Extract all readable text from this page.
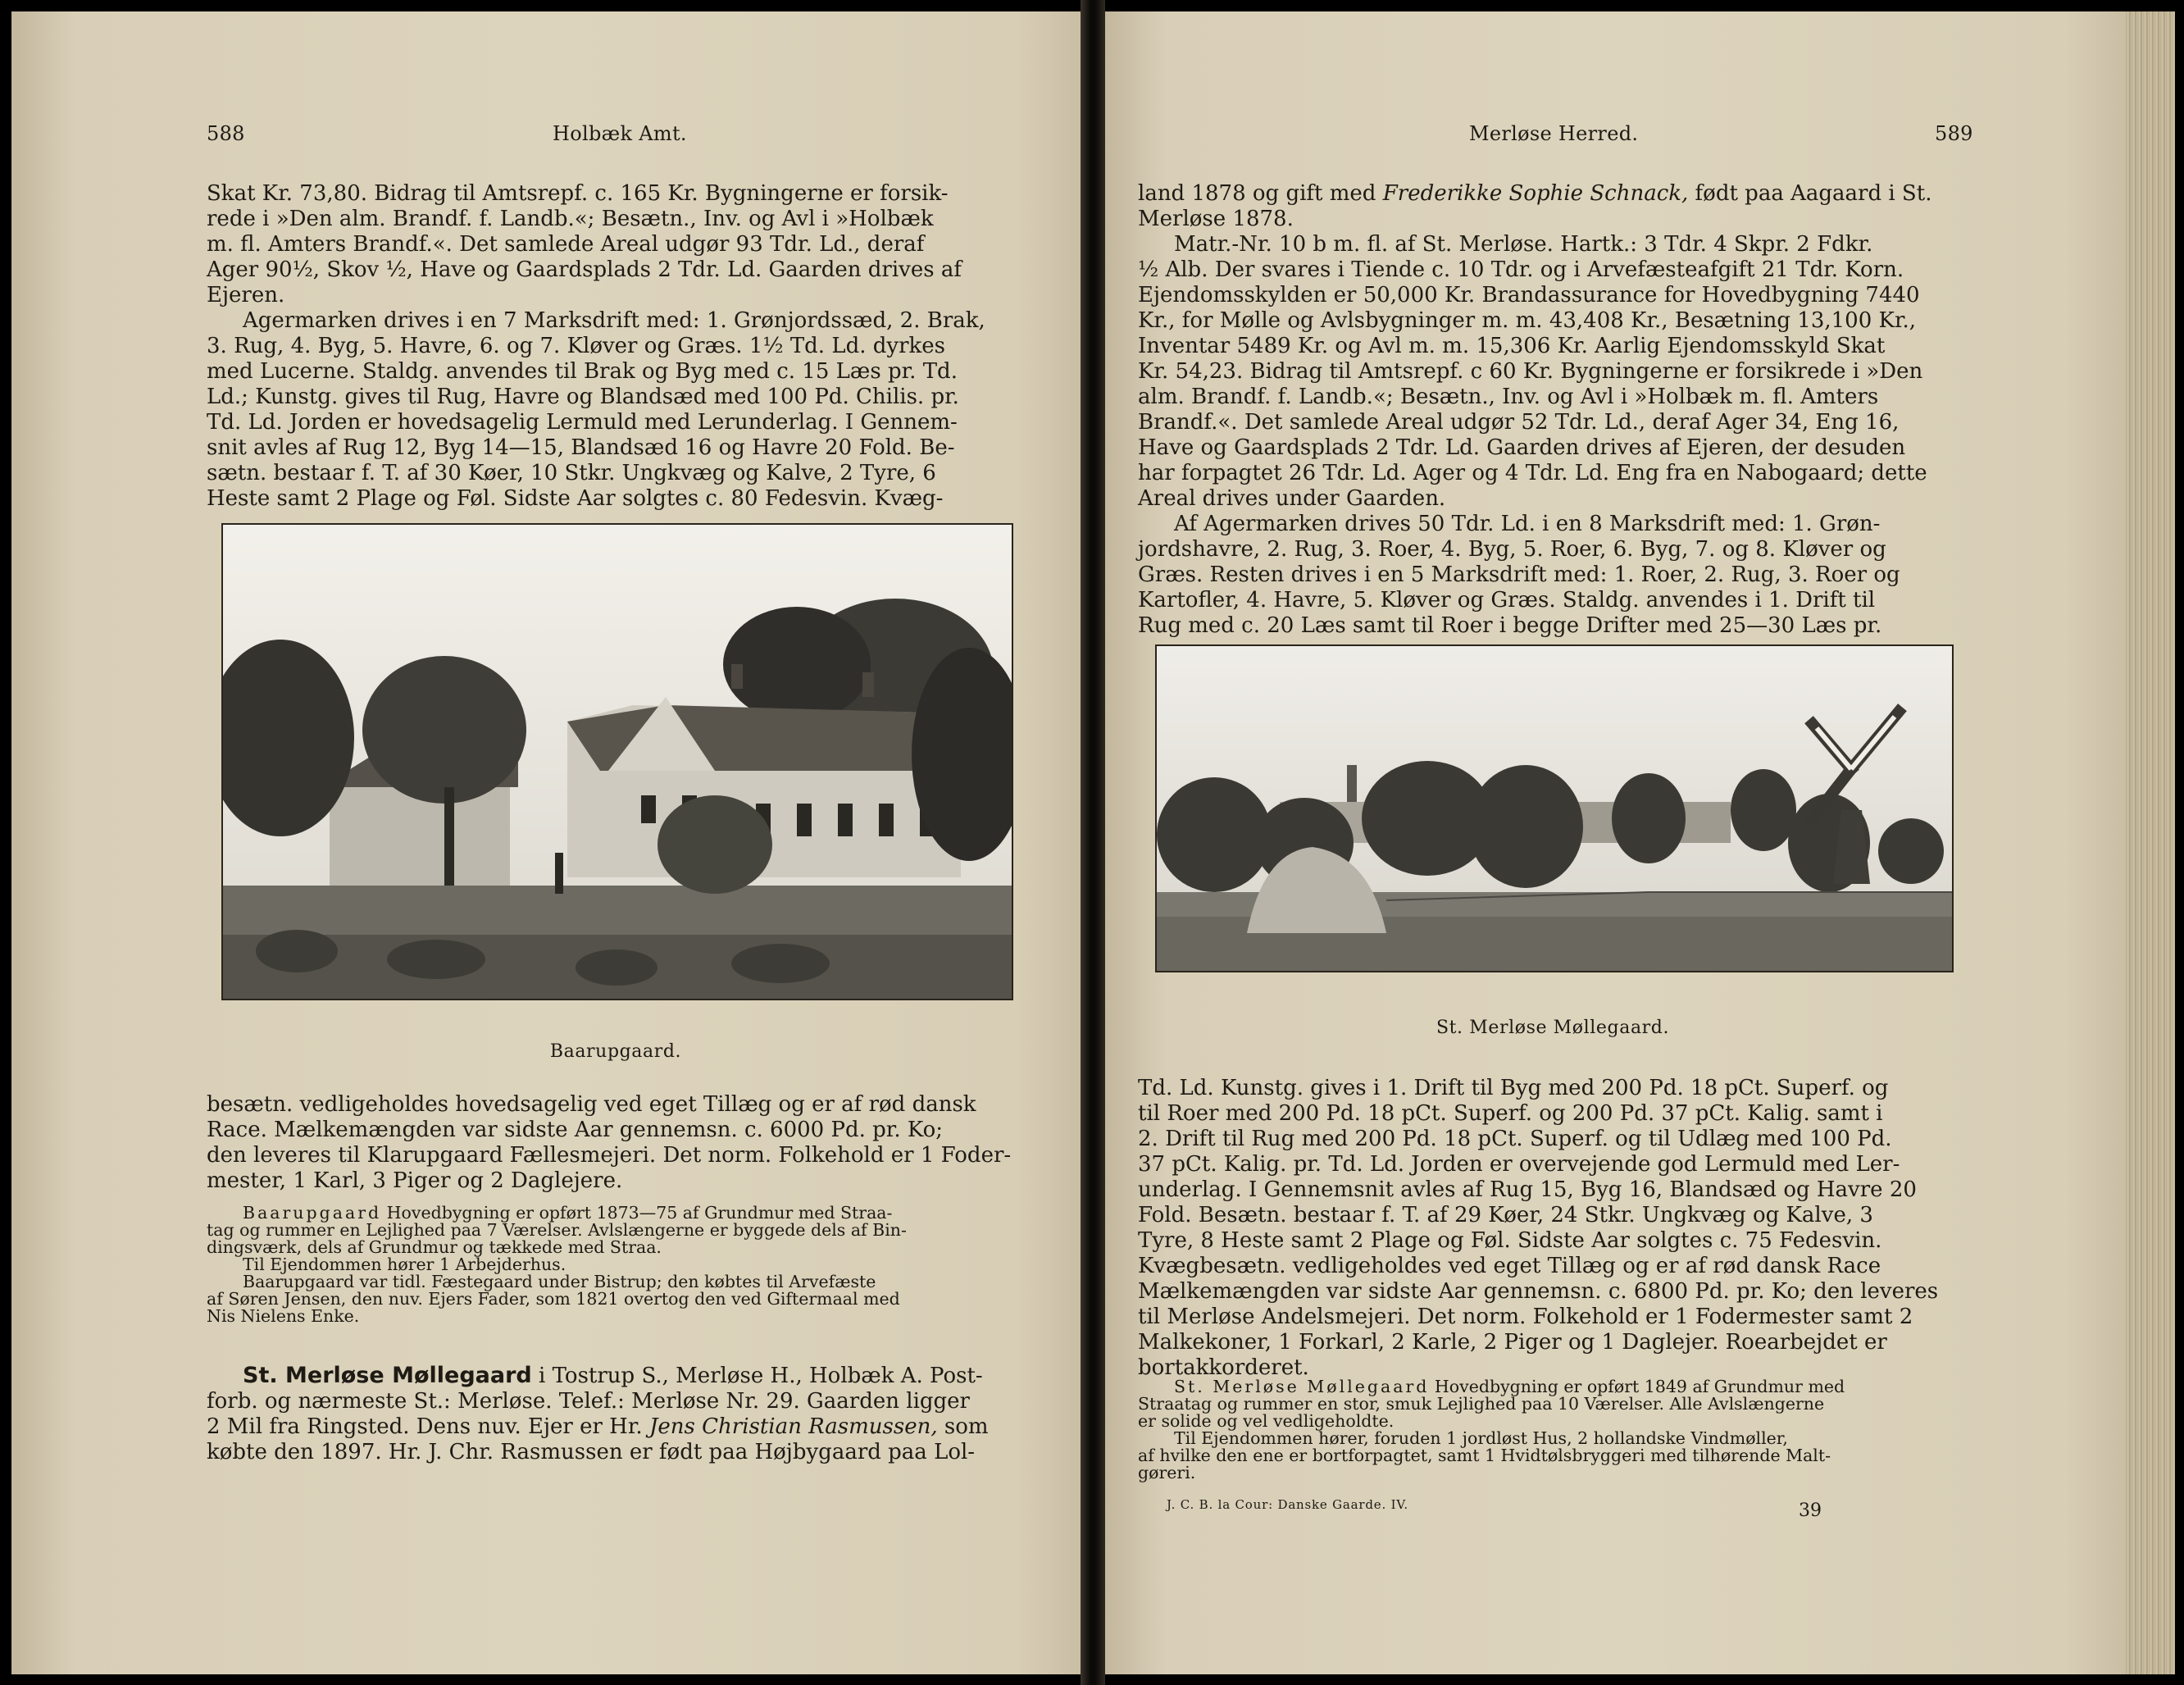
588	Holbæk Amt.

Skat Kr. 73,80. Bidrag til Amtsrepf. c. 165 Kr. Bygningerne er forsik-

rede i »Den alm. Brandf. f. Landb.«; Besætn., Inv. og Avl i »Holbæk

m. fl. Amters Brandf.«. Det samlede Areal udgør 93 Tdr. Ld., deraf

Ager 90½, Skov ½, Have og Gaardsplads 2 Tdr. Ld. Gaarden drives af

Ejeren.

Agermarken drives i en 7 Marksdrift med: 1. Grønjordssæd, 2. Brak,

3. Rug, 4. Byg, 5. Havre, 6. og 7. Kløver og Græs. 1½ Td. Ld. dyrkes

med Lucerne. Staldg. anvendes til Brak og Byg med c. 15 Læs pr. Td.

Ld.; Kunstg. gives til Rug, Havre og Blandsæd med 100 Pd. Chilis. pr.

Td. Ld. Jorden er hovedsagelig Lermuld med Lerunderlag. I Gennem-

snit avles af Rug 12, Byg 14—15, Blandsæd 16 og Havre 20 Fold. Be-

sætn. bestaar f. T. af 30 Køer, 10 Stkr. Ungkvæg og Kalve, 2 Tyre, 6

Heste samt 2 Plage og Føl. Sidste Aar solgtes c. 80 Fedesvin. Kvæg-

Baarupgaard.

besætn. vedligeholdes hovedsagelig ved eget Tillæg og er af rød dansk

Race. Mælkemængden var sidste Aar gennemsn. c. 6000 Pd. pr. Ko;

den leveres til Klarupgaard Fællesmejeri. Det norm. Folkehold er 1 Foder-

mester, 1 Karl, 3 Piger og 2 Daglejere.

Baarupgaard Hovedbygning er opført 1873—75 af Grundmur med Straa-

tag og rummer en Lejlighed paa 7 Værelser. Avlslængerne er byggede dels af Bin-

dingsværk, dels af Grundmur og tækkede med Straa.

Til Ejendommen hører 1 Arbejderhus.

Baarupgaard var tidl. Fæstegaard under Bistrup; den købtes til Arvefæste

af Søren Jensen, den nuv. Ejers Fader, som 1821 overtog den ved Giftermaal med

Nis Nielens Enke.

St. Merløse Møllegaard i Tostrup S., Merløse H., Holbæk A. Post-

forb. og nærmeste St.: Merløse. Telef.: Merløse Nr. 29. Gaarden ligger

2 Mil fra Ringsted. Dens nuv. Ejer er Hr. Jens Christian Rasmussen, som

købte den 1897. Hr. J. Chr. Rasmussen er født paa Højbygaard paa Lol-

Merløse Herred.	589

land 1878 og gift med Frederikke Sophie Schnack, født paa Aagaard i St.

Merløse 1878.

Matr.-Nr. 10 b m. fl. af St. Merløse. Hartk.: 3 Tdr. 4 Skpr. 2 Fdkr.

½ Alb. Der svares i Tiende c. 10 Tdr. og i Arvefæsteafgift 21 Tdr. Korn.

Ejendomsskylden er 50,000 Kr. Brandassurance for Hovedbygning 7440

Kr., for Mølle og Avlsbygninger m. m. 43,408 Kr., Besætning 13,100 Kr.,

Inventar 5489 Kr. og Avl m. m. 15,306 Kr. Aarlig Ejendomsskyld Skat

Kr. 54,23. Bidrag til Amtsrepf. c 60 Kr. Bygningerne er forsikrede i »Den

alm. Brandf. f. Landb.«; Besætn., Inv. og Avl i »Holbæk m. fl. Amters

Brandf.«. Det samlede Areal udgør 52 Tdr. Ld., deraf Ager 34, Eng 16,

Have og Gaardsplads 2 Tdr. Ld. Gaarden drives af Ejeren, der desuden

har forpagtet 26 Tdr. Ld. Ager og 4 Tdr. Ld. Eng fra en Nabogaard; dette

Areal drives under Gaarden.

Af Agermarken drives 50 Tdr. Ld. i en 8 Marksdrift med: 1. Grøn-

jordshavre, 2. Rug, 3. Roer, 4. Byg, 5. Roer, 6. Byg, 7. og 8. Kløver og

Græs. Resten drives i en 5 Marksdrift med: 1. Roer, 2. Rug, 3. Roer og

Kartofler, 4. Havre, 5. Kløver og Græs. Staldg. anvendes i 1. Drift til

Rug med c. 20 Læs samt til Roer i begge Drifter med 25—30 Læs pr.

St. Merløse Møllegaard.

Td. Ld. Kunstg. gives i 1. Drift til Byg med 200 Pd. 18 pCt. Superf. og

til Roer med 200 Pd. 18 pCt. Superf. og 200 Pd. 37 pCt. Kalig. samt i

2. Drift til Rug med 200 Pd. 18 pCt. Superf. og til Udlæg med 100 Pd.

37 pCt. Kalig. pr. Td. Ld. Jorden er overvejende god Lermuld med Ler-

underlag. I Gennemsnit avles af Rug 15, Byg 16, Blandsæd og Havre 20

Fold. Besætn. bestaar f. T. af 29 Køer, 24 Stkr. Ungkvæg og Kalve, 3

Tyre, 8 Heste samt 2 Plage og Føl. Sidste Aar solgtes c. 75 Fedesvin.

Kvægbesætn. vedligeholdes ved eget Tillæg og er af rød dansk Race

Mælkemængden var sidste Aar gennemsn. c. 6800 Pd. pr. Ko; den leveres

til Merløse Andelsmejeri. Det norm. Folkehold er 1 Fodermester samt 2

Malkekoner, 1 Forkarl, 2 Karle, 2 Piger og 1 Daglejer. Roearbejdet er

bortakkorderet.

St. Merløse Møllegaard Hovedbygning er opført 1849 af Grundmur med

Straatag og rummer en stor, smuk Lejlighed paa 10 Værelser. Alle Avlslængerne

er solide og vel vedligeholdte.

Til Ejendommen hører, foruden 1 jordløst Hus, 2 hollandske Vindmøller,

af hvilke den ene er bortforpagtet, samt 1 Hvidtølsbryggeri med tilhørende Malt-

gøreri.

J. C. B. la Cour: Danske Gaarde. IV.	39
